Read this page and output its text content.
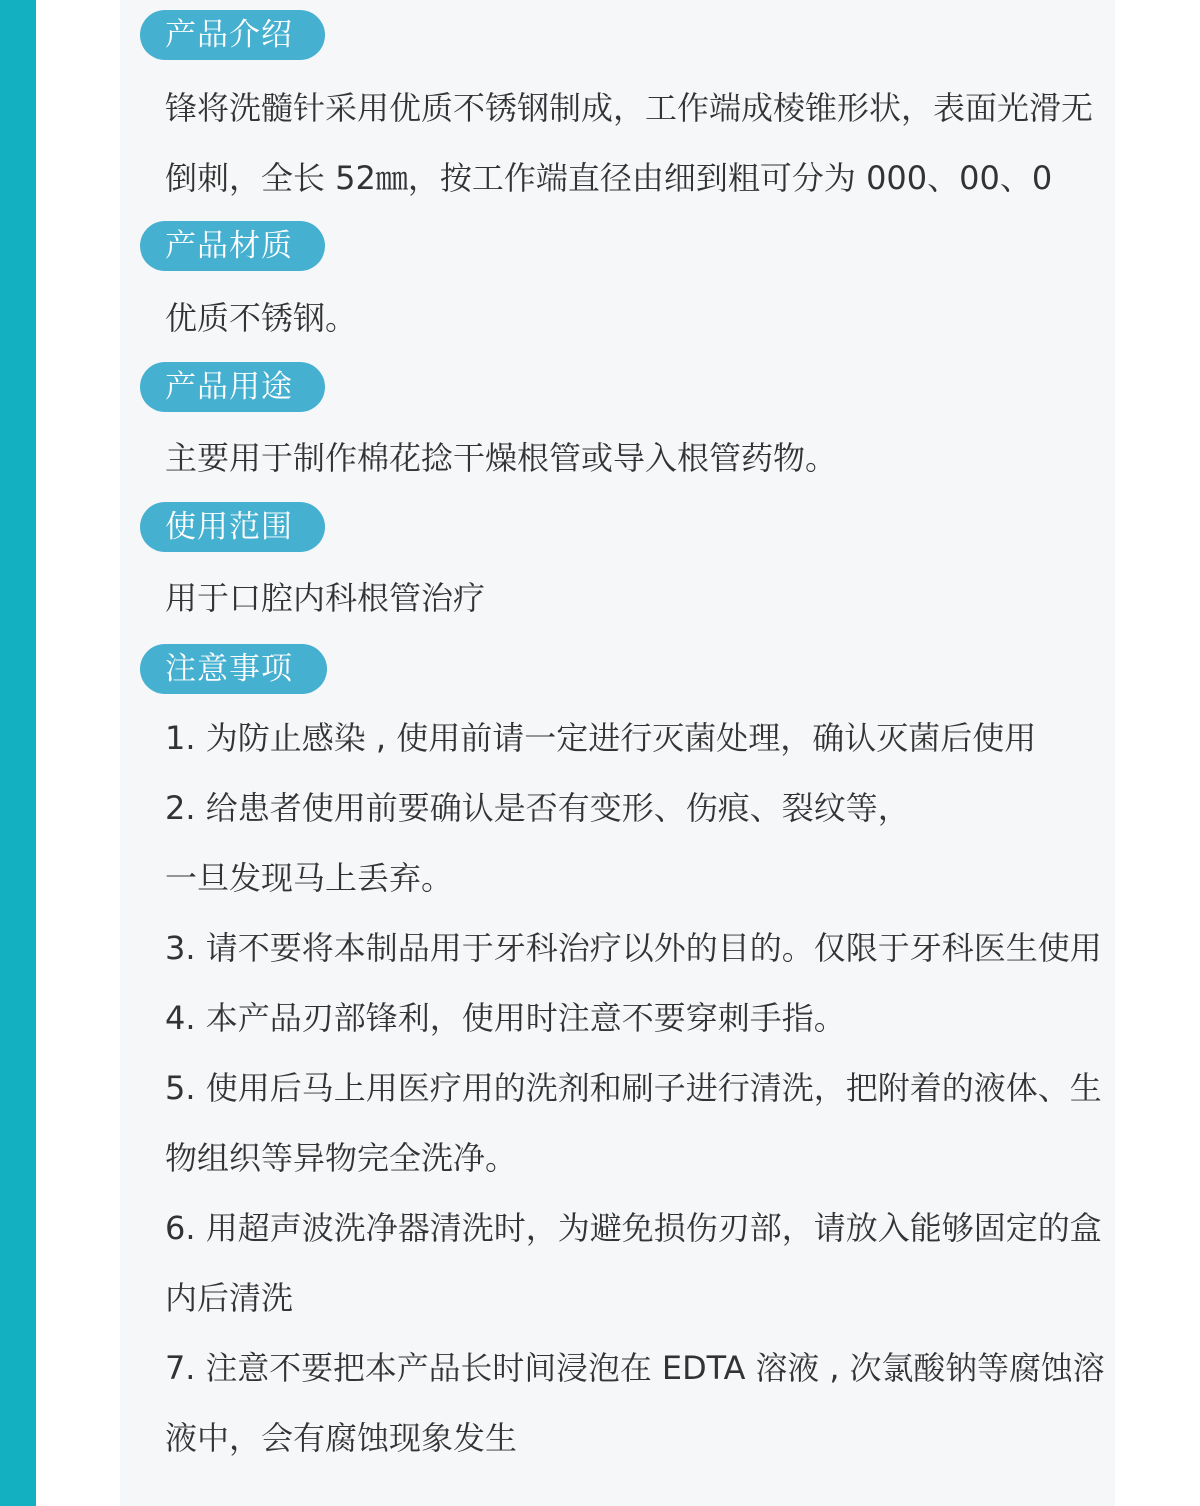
产品介绍
锋将洗髓针采用优质不锈钢制成，工作端成棱锥形状，表面光滑无
倒刺，全长 52㎜，按工作端直径由细到粗可分为 000、00、0
产品材质
优质不锈钢。
产品用途
主要用于制作棉花捻干燥根管或导入根管药物。
使用范围
用于口腔内科根管治疗
注意事项
1. 为防止感染 , 使用前请一定进行灭菌处理，确认灭菌后使用
2. 给患者使用前要确认是否有变形、伤痕、裂纹等，
一旦发现马上丢弃。
3. 请不要将本制品用于牙科治疗以外的目的。仅限于牙科医生使用
4. 本产品刃部锋利，使用时注意不要穿刺手指。
5. 使用后马上用医疗用的洗剂和刷子进行清洗，把附着的液体、生
物组织等异物完全洗净。
6. 用超声波洗净器清洗时，为避免损伤刃部，请放入能够固定的盒
内后清洗
7. 注意不要把本产品长时间浸泡在 EDTA 溶液 , 次氯酸钠等腐蚀溶
液中，会有腐蚀现象发生
